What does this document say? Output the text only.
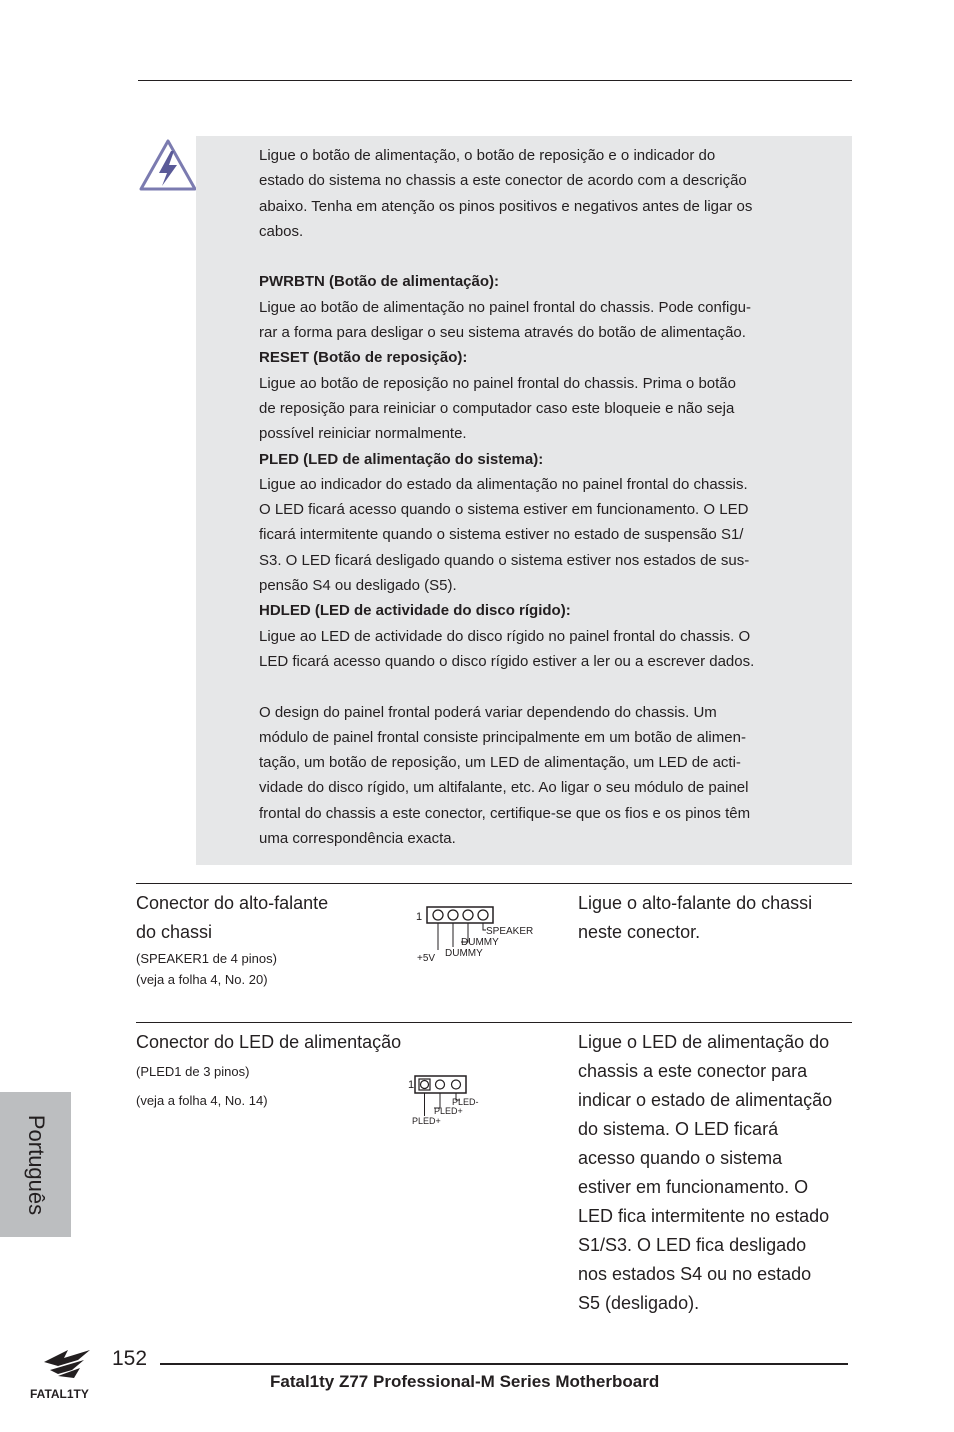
Ligue o botão de alimentação, o botão de reposição e o indicador do

estado do sistema no chassis a este conector de acordo com a descrição

abaixo. Tenha em atenção os pinos positivos e negativos antes de ligar os

cabos.

PWRBTN (Botão de alimentação):

Ligue ao botão de alimentação no painel frontal do chassis. Pode configu-

rar a forma para desligar o seu sistema através do botão de alimentação.

RESET (Botão de reposição):

Ligue ao botão de reposição no painel frontal do chassis. Prima o botão

de reposição para reiniciar o computador caso este bloqueie e não seja

possível reiniciar normalmente.

PLED (LED de alimentação do sistema):

Ligue ao indicador do estado da alimentação no painel frontal do chassis.

O LED ficará acesso quando o sistema estiver em funcionamento. O LED

ficará intermitente quando o sistema estiver no estado de suspensão S1/

S3. O LED ficará desligado quando o sistema estiver nos estados de sus-

pensão S4 ou desligado (S5).

HDLED (LED de actividade do disco rígido):

Ligue ao LED de actividade do disco rígido no painel frontal do chassis. O

LED ficará acesso quando o disco rígido estiver a ler ou a escrever dados.

O design do painel frontal poderá variar dependendo do chassis. Um

módulo de painel frontal consiste principalmente em um botão de alimen-

tação, um botão de reposição, um LED de alimentação, um LED de acti-

vidade do disco rígido, um altifalante, etc. Ao ligar o seu módulo de painel

frontal do chassis a este conector, certifique-se que os fios e os pinos têm

uma correspondência exacta.

Conector do alto-falante
do chassi
(SPEAKER1 de 4 pinos)
(veja a folha 4, No. 20)
Ligue o alto-falante do chassi
neste conector.
1
SPEAKER
DUMMY
+5V DUMMY
Conector do LED de alimentação
(PLED1 de 3 pinos)
(veja a folha 4, No. 14)
Ligue o LED de alimentação do
chassis a este conector para
indicar o estado de alimentação
do sistema. O LED ficará
acesso quando o sistema
estiver em funcionamento. O
LED fica intermitente no estado
S1/S3. O LED fica desligado
nos estados S4 ou no estado
S5 (desligado).
1
PLED-
PLED+
PLED+
Português
FATAL1TY
152
Fatal1ty Z77 Professional-M Series Motherboard
